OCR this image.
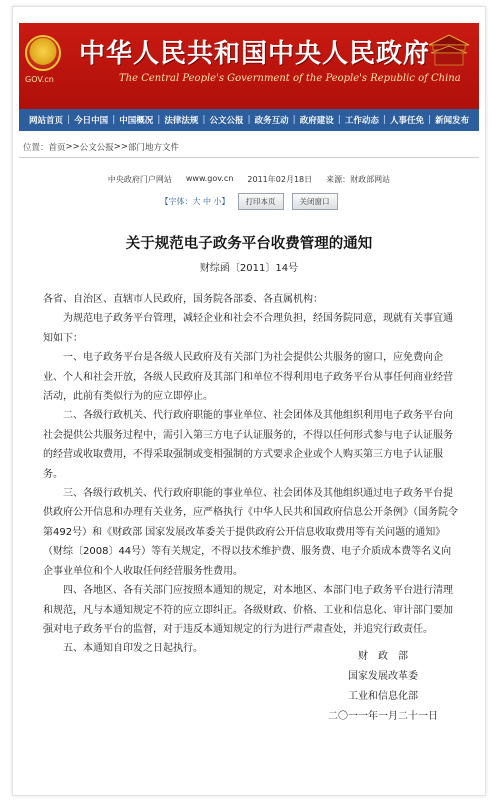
GOV.cn
中华人民共和国中央人民政府
The Central People's Government of the People's Republic of China
网站首页 | 今日中国 | 中国概况 | 法律法规 | 公文公报 | 政务互动 | 政府建设 | 工作动态 | 人事任免 | 新闻发布
位置： 首页 >> 公文公报 >> 部门地方文件
中央政府门户网站 www.gov.cn 2011年02月18日 来源：财政部网站
【字体：大 中 小】	打印本页	关闭窗口
关于规范电子政务平台收费管理的通知
财综函〔2011〕14号

各省、自治区、直辖市人民政府，国务院各部委、各直属机构：

为规范电子政务平台管理，减轻企业和社会不合理负担，经国务院同意，现就有关事宜通知如下：

一、电子政务平台是各级人民政府及有关部门为社会提供公共服务的窗口，应免费向企业、个人和社会开放，各级人民政府及其部门和单位不得利用电子政务平台从事任何商业经营活动，此前有类似行为的应立即停止。

二、各级行政机关、代行政府职能的事业单位、社会团体及其他组织利用电子政务平台向社会提供公共服务过程中，需引入第三方电子认证服务的，不得以任何形式参与电子认证服务的经营或收取费用，不得采取强制或变相强制的方式要求企业或个人购买第三方电子认证服务。

三、各级行政机关、代行政府职能的事业单位、社会团体及其他组织通过电子政务平台提供政府公开信息和办理有关业务，应严格执行《中华人民共和国政府信息公开条例》（国务院令第492号）和《财政部 国家发展改革委关于提供政府公开信息收取费用等有关问题的通知》（财综〔2008〕44号）等有关规定，不得以技术维护费、服务费、电子介质成本费等名义向企事业单位和个人收取任何经营服务性费用。

四、各地区、各有关部门应按照本通知的规定，对本地区、本部门电子政务平台进行清理和规范，凡与本通知规定不符的应立即纠正。各级财政、价格、工业和信息化、审计部门要加强对电子政务平台的监督，对于违反本通知规定的行为进行严肃查处，并追究行政责任。

五、本通知自印发之日起执行。

财　政　部
国家发展改革委
工业和信息化部
二〇一一年一月二十一日
